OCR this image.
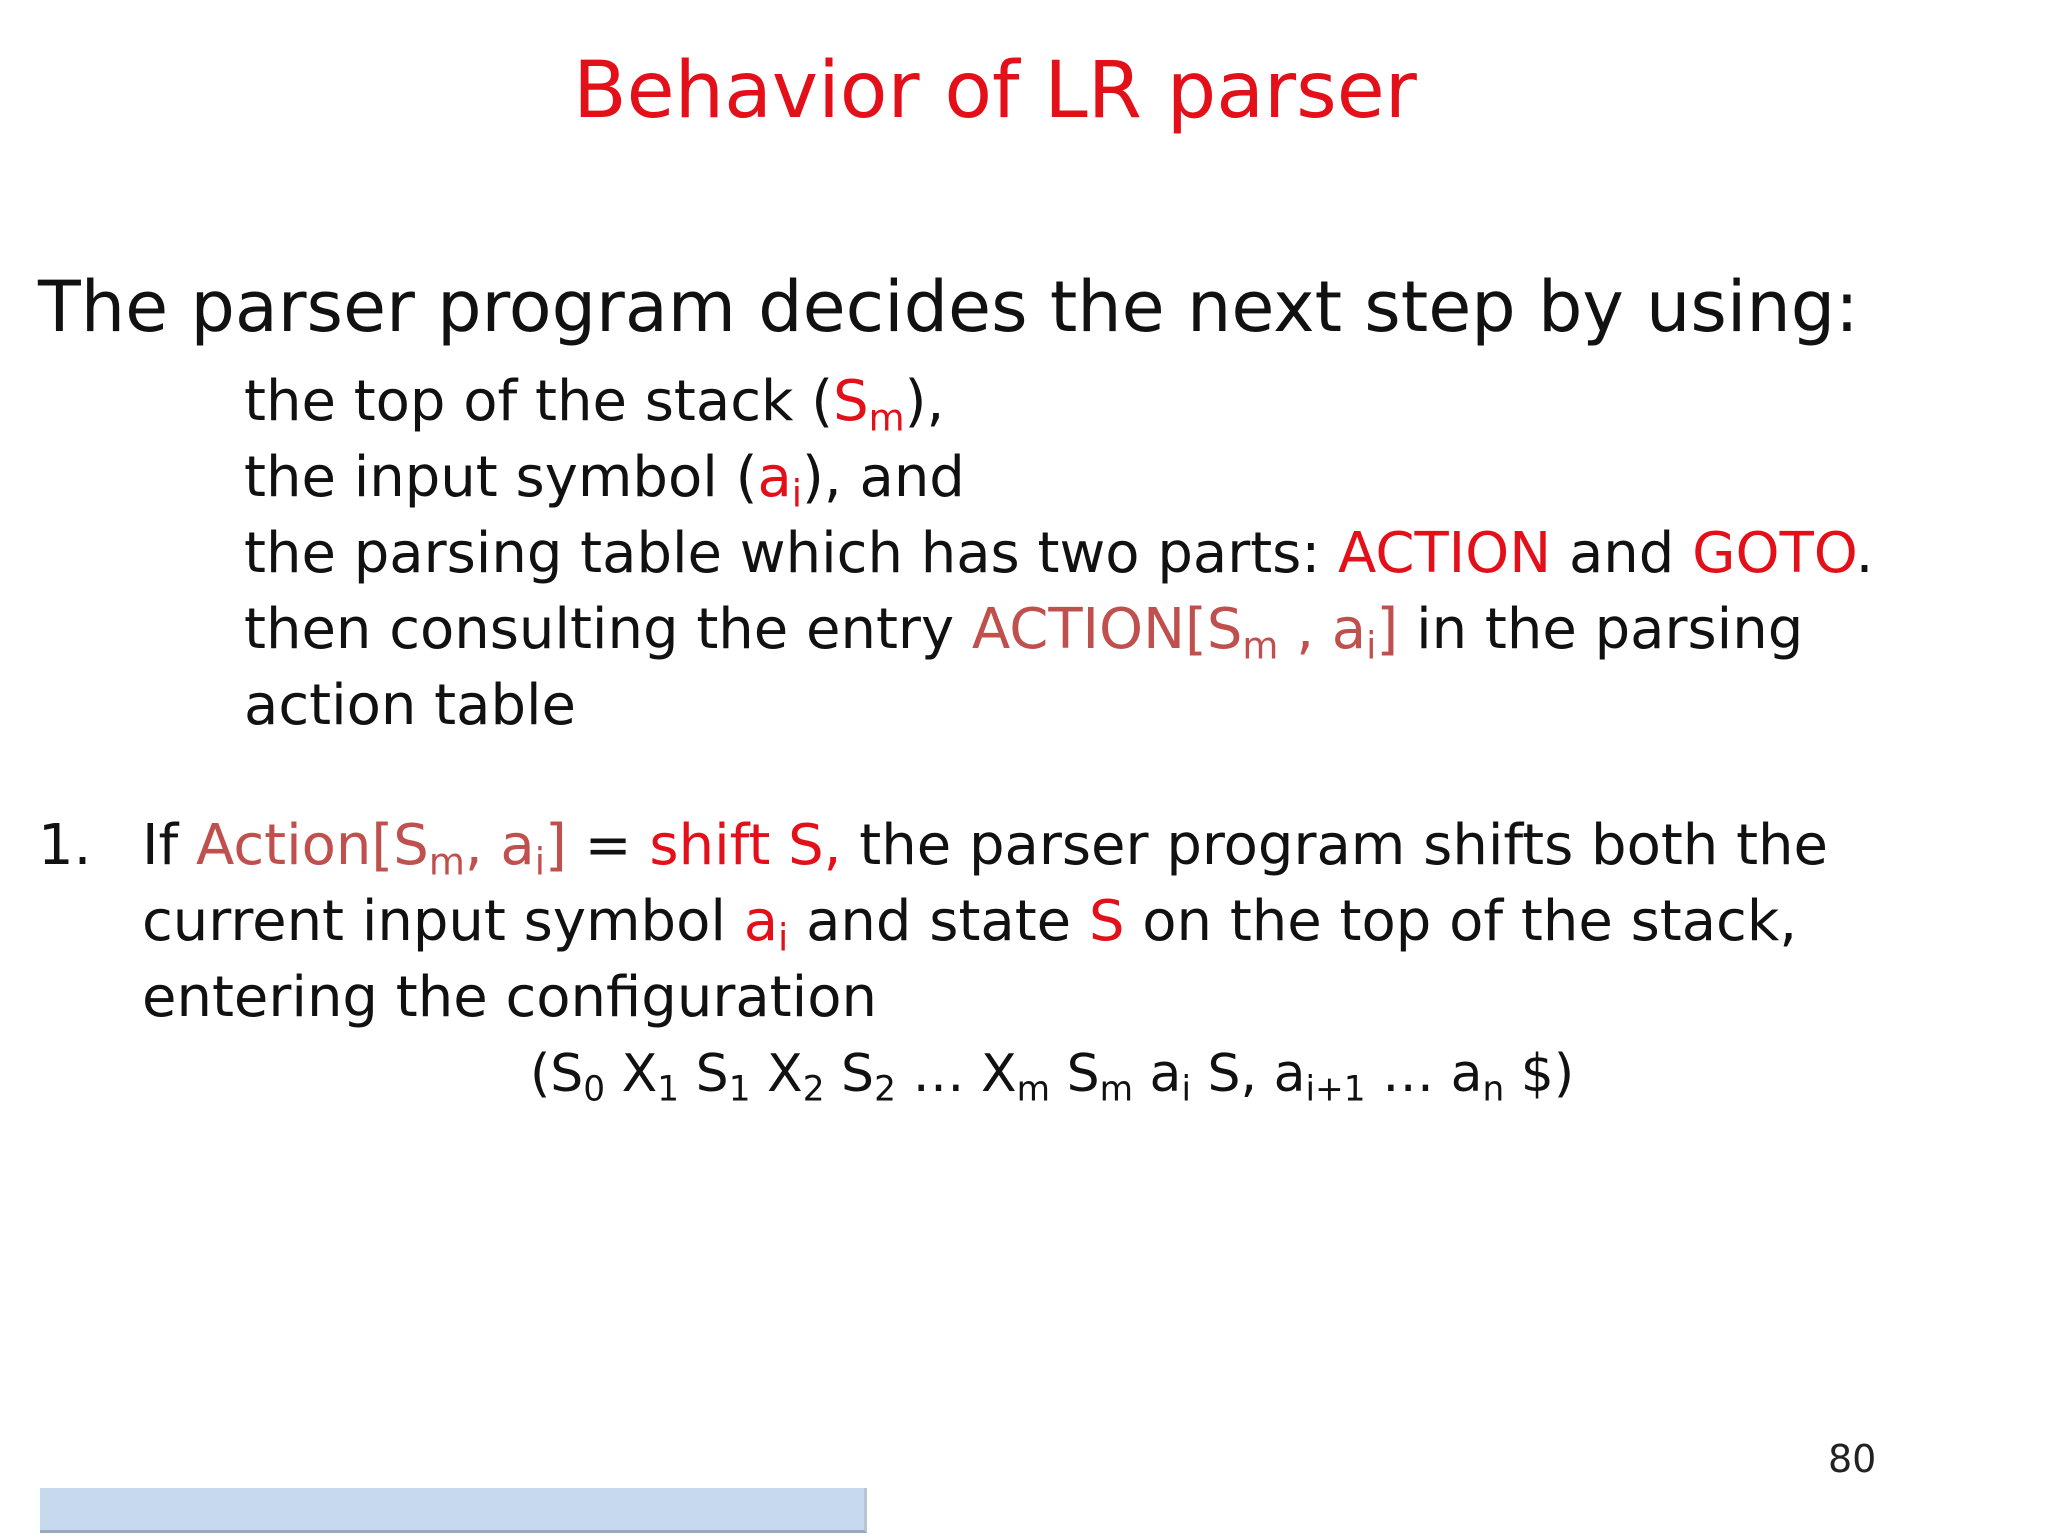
Behavior of LR parser
The parser program decides the next step by using:
the top of the stack $(S_m)$,
the input symbol $(a_i)$, and
the parsing table which has two parts: ACTION and GOTO.
then consulting the entry $ACTION[S_m$ , $a_i$] in the parsing
action table
1. If $Action[S_m$, $a_i$] = shift S, the parser program shifts both the
current input symbol $a_i$ and state S on the top of the stack,
entering the configuration
($S_0$ $X_1$ $S_1$ $X_2$ $S_2$ … $X_m$ $S_m$ $a_i$ S, $a_{i+1}$ … $a_n$ $)
80
